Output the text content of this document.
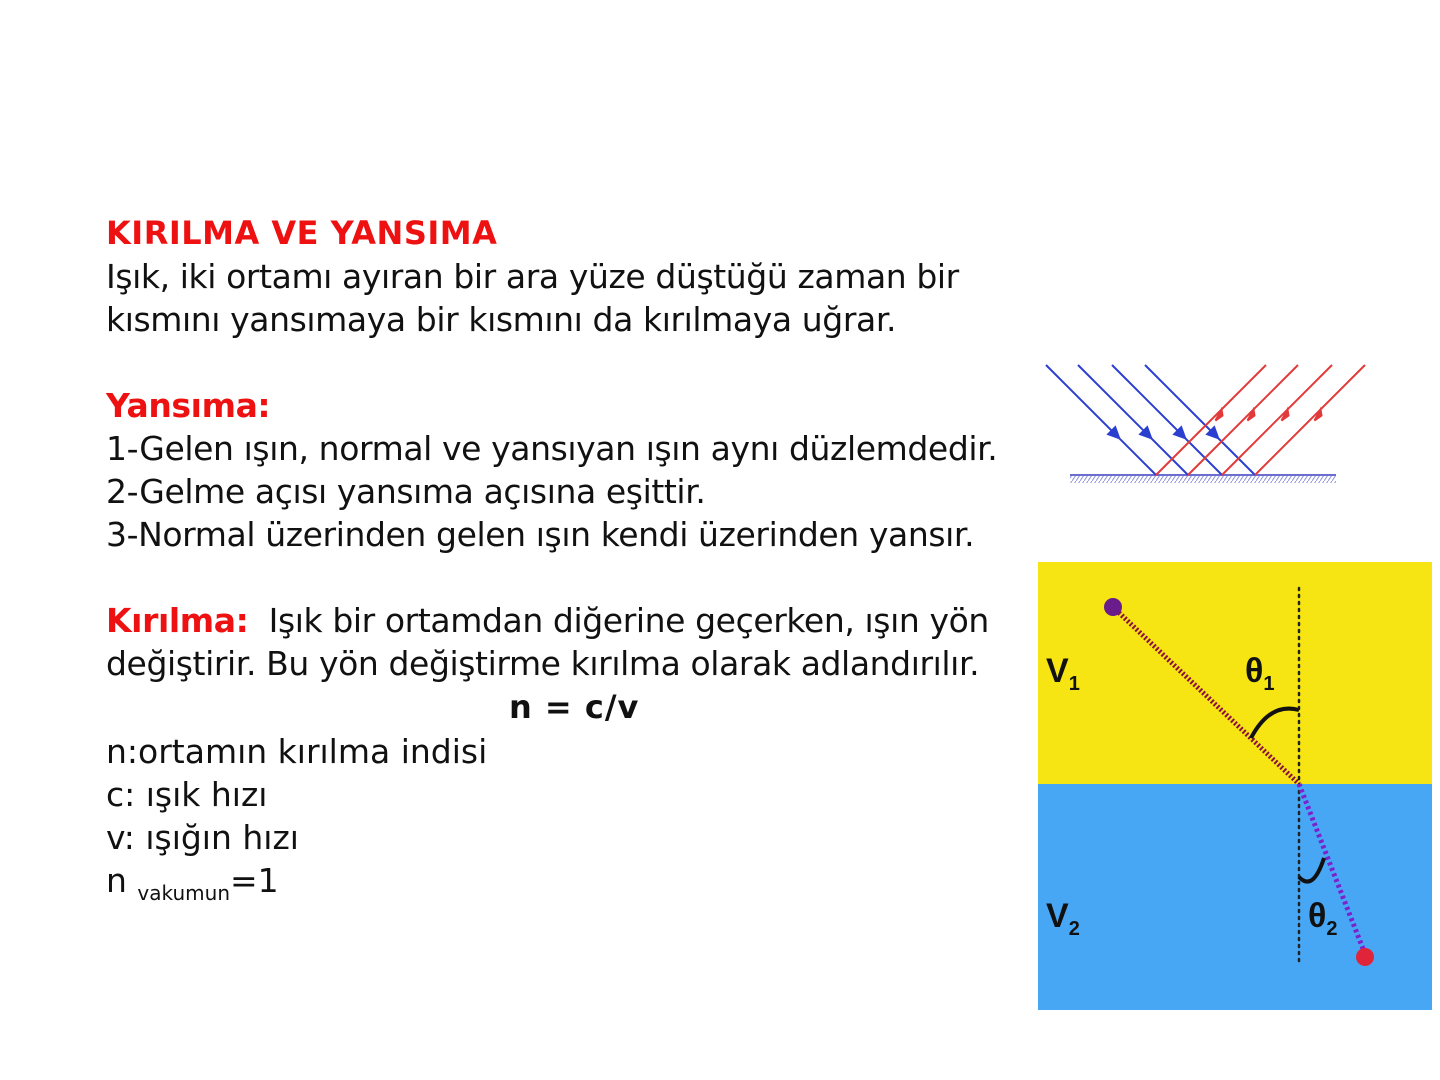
KIRILMA VE YANSIMA
Işık, iki ortamı ayıran bir ara yüze düştüğü zaman bir
kısmını yansımaya bir kısmını da kırılmaya uğrar.
Yansıma:
1-Gelen ışın, normal ve yansıyan ışın aynı düzlemdedir.
2-Gelme açısı yansıma açısına eşittir.
3-Normal üzerinden gelen ışın kendi üzerinden yansır.
Kırılma: Işık bir ortamdan diğerine geçerken, ışın yön
değiştirir. Bu yön değiştirme kırılma olarak adlandırılır.
n = c/v
n:ortamın kırılma indisi
c: ışık hızı
v: ışığın hızı
n $_{vakumun}$=1
$V_1$
$V_2$
$\theta_1$
$\theta_2$
